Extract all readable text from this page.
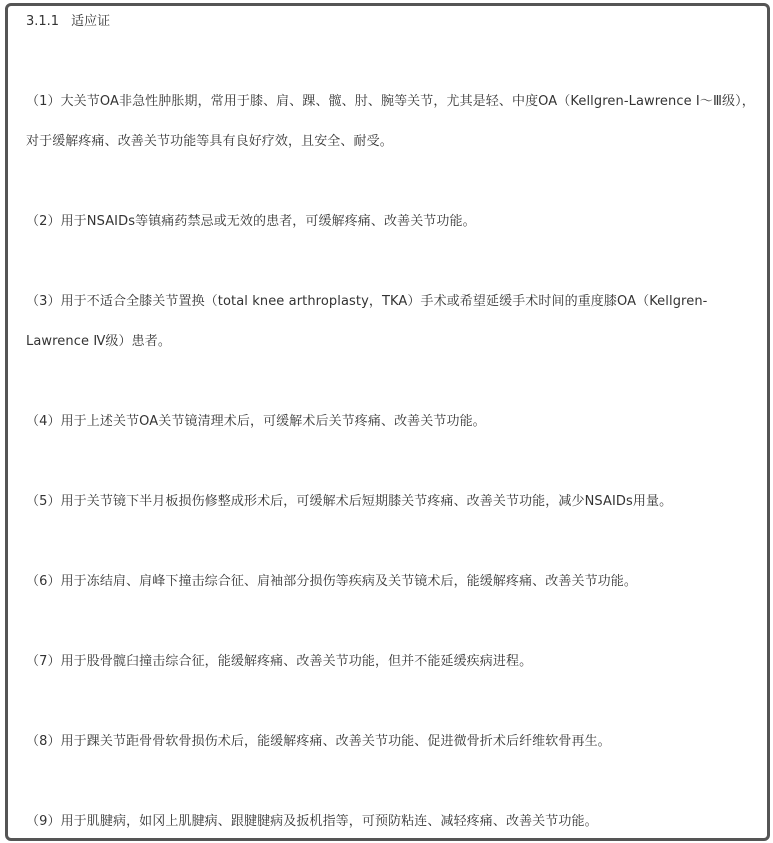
3.1.1 适应证

（1）大关节OA非急性肿胀期，常用于膝、肩、踝、髋、肘、腕等关节，尤其是轻、中度OA（Kellgren-Lawrence Ⅰ～Ⅲ级），对于缓解疼痛、改善关节功能等具有良好疗效，且安全、耐受。

（2）用于NSAIDs等镇痛药禁忌或无效的患者，可缓解疼痛、改善关节功能。

（3）用于不适合全膝关节置换（total knee arthroplasty，TKA）手术或希望延缓手术时间的重度膝OA（Kellgren-Lawrence Ⅳ级）患者。

（4）用于上述关节OA关节镜清理术后，可缓解术后关节疼痛、改善关节功能。

（5）用于关节镜下半月板损伤修整成形术后，可缓解术后短期膝关节疼痛、改善关节功能，减少NSAIDs用量。

（6）用于冻结肩、肩峰下撞击综合征、肩袖部分损伤等疾病及关节镜术后，能缓解疼痛、改善关节功能。

（7）用于股骨髋臼撞击综合征，能缓解疼痛、改善关节功能，但并不能延缓疾病进程。

（8）用于踝关节距骨骨软骨损伤术后，能缓解疼痛、改善关节功能、促进微骨折术后纤维软骨再生。

（9）用于肌腱病，如冈上肌腱病、跟腱腱病及扳机指等，可预防粘连、减轻疼痛、改善关节功能。
